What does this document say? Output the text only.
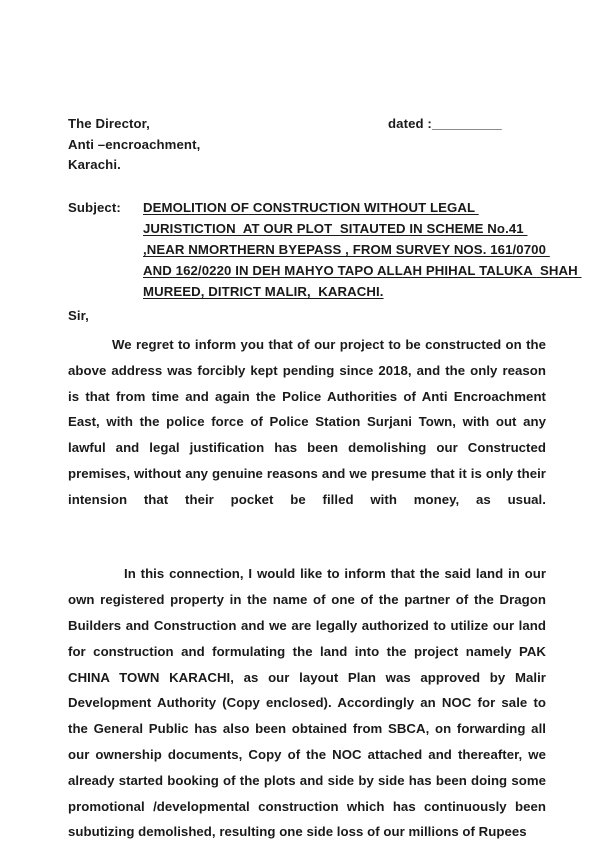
The Director,	dated :__________
Anti –encroachment,
Karachi.
Subject:	DEMOLITION OF CONSTRUCTION WITHOUT LEGAL
JURISTICTION  AT OUR PLOT  SITAUTED IN SCHEME No.41
,NEAR NMORTHERN BYEPASS , FROM SURVEY NOS. 161/0700
AND 162/0220 IN DEH MAHYO TAPO ALLAH PHIHAL TALUKA  SHAH
MUREED, DITRICT MALIR,  KARACHI.
Sir,

We regret to inform you that of our project to be constructed on the above address was forcibly kept pending since 2018, and the only reason is that from time and again the Police Authorities of Anti Encroachment East, with the police force of Police Station Surjani Town, with out any lawful and legal justification has been demolishing our Constructed premises, without any genuine reasons and we presume that it is only their intension that their pocket be filled with money, as usual.

In this connection, I would like to inform that the said land in our own registered property in the name of one of the partner of the Dragon Builders and Construction and we are legally authorized to utilize our land for construction and formulating the land into the project namely PAK CHINA TOWN KARACHI, as our layout Plan was approved by Malir Development Authority (Copy enclosed). Accordingly an NOC for sale to the General Public has also been obtained from SBCA, on forwarding all our ownership documents, Copy of the NOC attached and thereafter, we already started booking of the plots and side by side has been doing some promotional /developmental construction which has continuously been subutizing demolished, resulting one side loss of our millions of Rupees
